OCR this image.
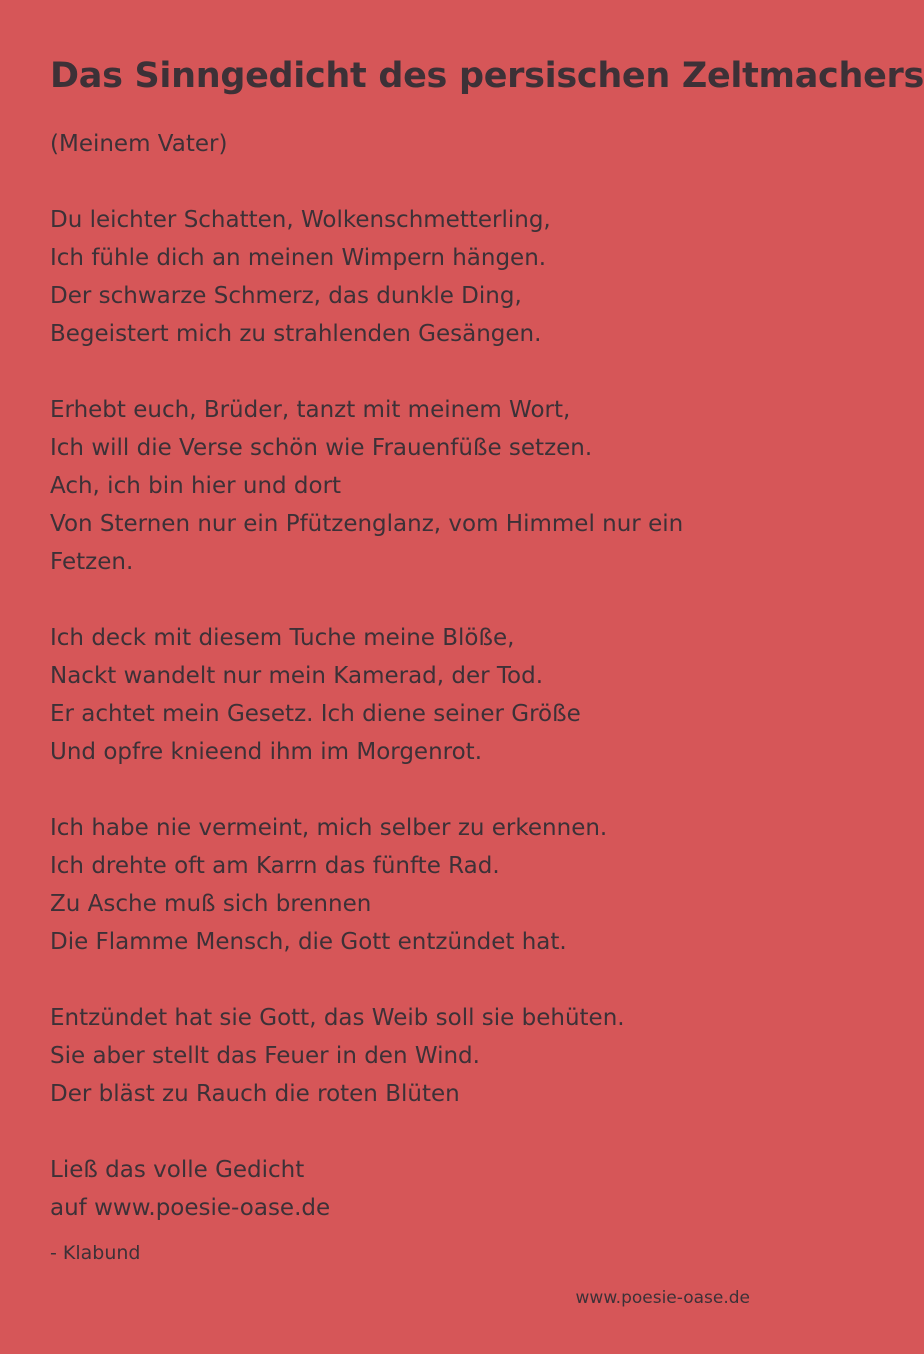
Das Sinngedicht des persischen Zeltmachers
(Meinem Vater)
Du leichter Schatten, Wolkenschmetterling,
Ich fühle dich an meinen Wimpern hängen.
Der schwarze Schmerz, das dunkle Ding,
Begeistert mich zu strahlenden Gesängen.
Erhebt euch, Brüder, tanzt mit meinem Wort,
Ich will die Verse schön wie Frauenfüße setzen.
Ach, ich bin hier und dort
Von Sternen nur ein Pfützenglanz, vom Himmel nur ein
Fetzen.
Ich deck mit diesem Tuche meine Blöße,
Nackt wandelt nur mein Kamerad, der Tod.
Er achtet mein Gesetz. Ich diene seiner Größe
Und opfre knieend ihm im Morgenrot.
Ich habe nie vermeint, mich selber zu erkennen.
Ich drehte oft am Karrn das fünfte Rad.
Zu Asche muß sich brennen
Die Flamme Mensch, die Gott entzündet hat.
Entzündet hat sie Gott, das Weib soll sie behüten.
Sie aber stellt das Feuer in den Wind.
Der bläst zu Rauch die roten Blüten
Ließ das volle Gedicht
auf www.poesie-oase.de
- Klabund
www.poesie-oase.de
